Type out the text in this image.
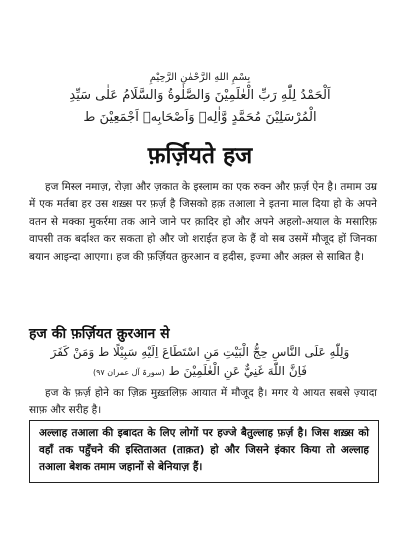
بِسْمِ اللهِ الرَّحْمٰنِ الرَّحِيْمِ
اَلْحَمْدُ لِلّٰهِ رَبِّ الْعٰلَمِيْنَ وَالصَّلٰوةُ وَالسَّلَامُ عَلٰى سَيِّدِ
الْمُرْسَلِيْنَ مُحَمَّدٍ وَّاٰلِهٖ وَاَصْحَابِهٖ اَجْمَعِيْنَ ط
फ़र्ज़ियते हज
हज मिस्ल नमाज़, रोज़ा और ज़कात के इस्लाम का एक रुक्न और फ़र्ज़ ऐन है। तमाम उम्र में एक मर्तबा हर उस शख़्स पर फ़र्ज़ है जिसको हक़ तआला ने इतना माल दिया हो के अपने वतन से मक्का मुकर्रमा तक आने जाने पर क़ादिर हो और अपने अहलो-अयाल के मसारिफ़ वापसी तक बर्दाश्त कर सकता हो और जो शराईत हज के हैं वो सब उसमें मौजूद हों जिनका बयान आइन्दा आएगा। हज की फ़र्ज़ियत क़ुरआन व हदीस, इज्मा और अक़्ल से साबित है।
हज की फ़र्ज़ियत क़ुरआन से
وَلِلّٰهِ عَلَى النَّاسِ حِجُّ الْبَيْتِ مَنِ اسْتَطَاعَ اِلَيْهِ سَبِيْلًا ط وَمَنْ كَفَرَ
فَاِنَّ اللّٰهَ غَنِيٌّ عَنِ الْعٰلَمِيْنَ ط (سورۃ آل عمران ۹۷)
हज के फ़र्ज़ होने का ज़िक्र मुख़्तलिफ़ आयात में मौजूद है। मगर ये आयत सबसे ज़्यादा साफ़ और सरीह है।
अल्लाह तआला की इबादत के लिए लोगों पर हज्जे बैतुल्लाह फ़र्ज़ है। जिस शख़्स को वहाँ तक पहुँचने की इस्तिताअत (ताक़त) हो और जिसने इंकार किया तो अल्लाह तआला बेशक तमाम जहानों से बेनियाज़ हैं।
